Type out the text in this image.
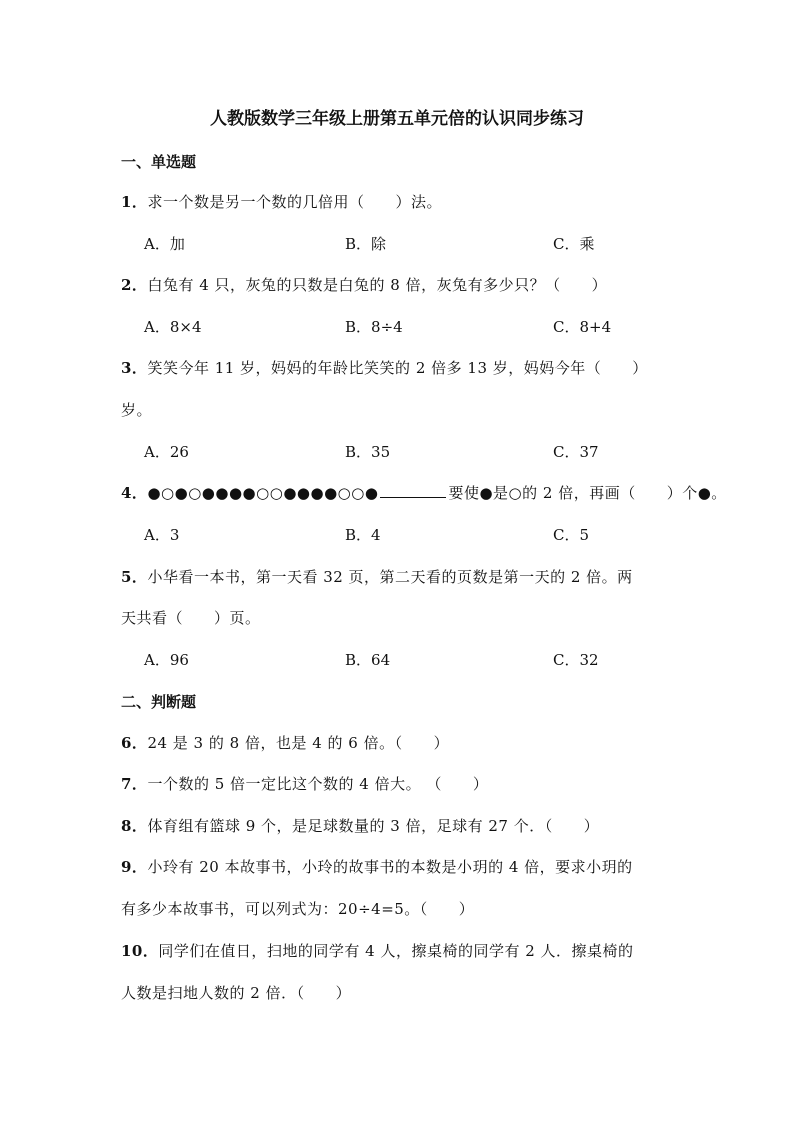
人教版数学三年级上册第五单元倍的认识同步练习
一、单选题
1．求一个数是另一个数的几倍用（　　）法。
A．加	B．除	C．乘
2．白兔有 4 只，灰兔的只数是白兔的 8 倍，灰兔有多少只？（　　）
A．8×4	B．8÷4	C．8+4
3．笑笑今年 11 岁，妈妈的年龄比笑笑的 2 倍多 13 岁，妈妈今年（　　）
岁。
A．26	B．35	C．37
4．●○●○●●●●○○●●●●○○●	要使●是○的 2 倍，再画（　　）个●。
A．3	B．4	C．5
5．小华看一本书，第一天看 32 页，第二天看的页数是第一天的 2 倍。两
天共看（　　）页。
A．96	B．64	C．32
二、判断题
6．24 是 3 的 8 倍，也是 4 的 6 倍。（　　）
7．一个数的 5 倍一定比这个数的 4 倍大。 （　　）
8．体育组有篮球 9 个，是足球数量的 3 倍，足球有 27 个．（　　）
9．小玲有 20 本故事书，小玲的故事书的本数是小玥的 4 倍，要求小玥的
有多少本故事书，可以列式为：20÷4=5。（　　）
10．同学们在值日，扫地的同学有 4 人，擦桌椅的同学有 2 人．擦桌椅的
人数是扫地人数的 2 倍．（　　）
